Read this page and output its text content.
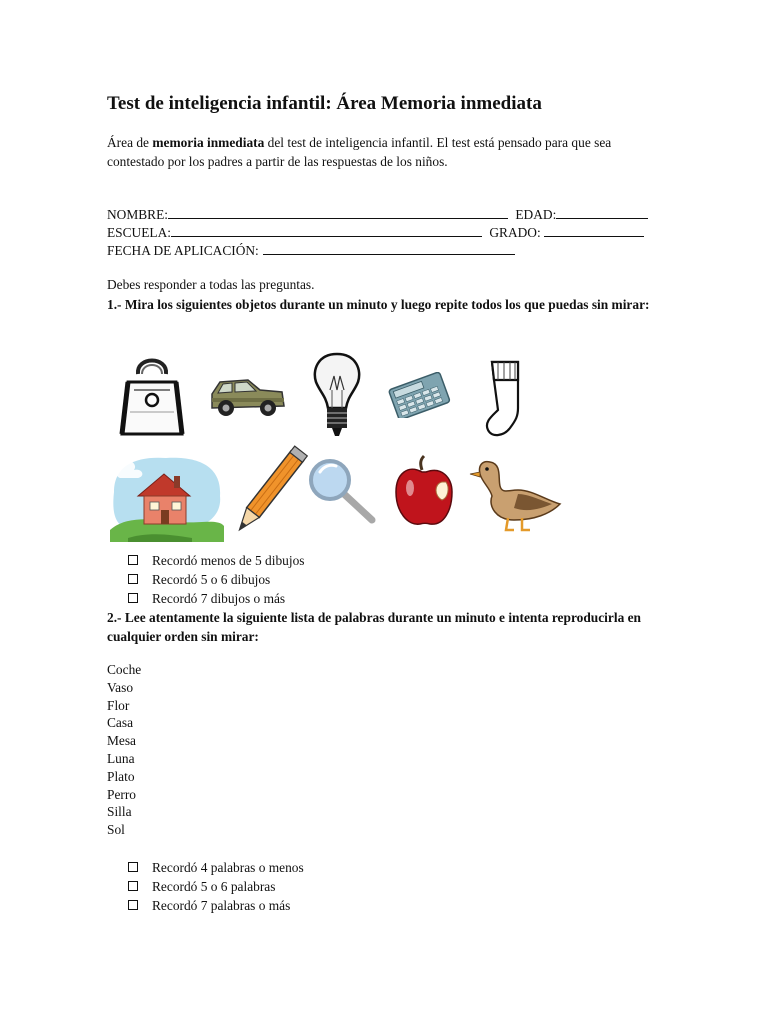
Test de inteligencia infantil: Área Memoria inmediata
Área de memoria inmediata del test de inteligencia infantil. El test está pensado para que sea contestado por los padres a partir de las respuestas de los niños.
NOMBRE:	EDAD:
ESCUELA:	GRADO:
FECHA DE APLICACIÓN:
Debes responder a todas las preguntas.
1.- Mira los siguientes objetos durante un minuto y luego repite todos los que puedas sin mirar:
Recordó menos de 5 dibujos
Recordó 5 o 6 dibujos
Recordó 7 dibujos o más
2.- Lee atentamente la siguiente lista de palabras durante un minuto e intenta reproducirla en cualquier orden sin mirar:
Coche
Vaso
Flor
Casa
Mesa
Luna
Plato
Perro
Silla
Sol
Recordó 4 palabras o menos
Recordó 5 o 6 palabras
Recordó 7 palabras o más
